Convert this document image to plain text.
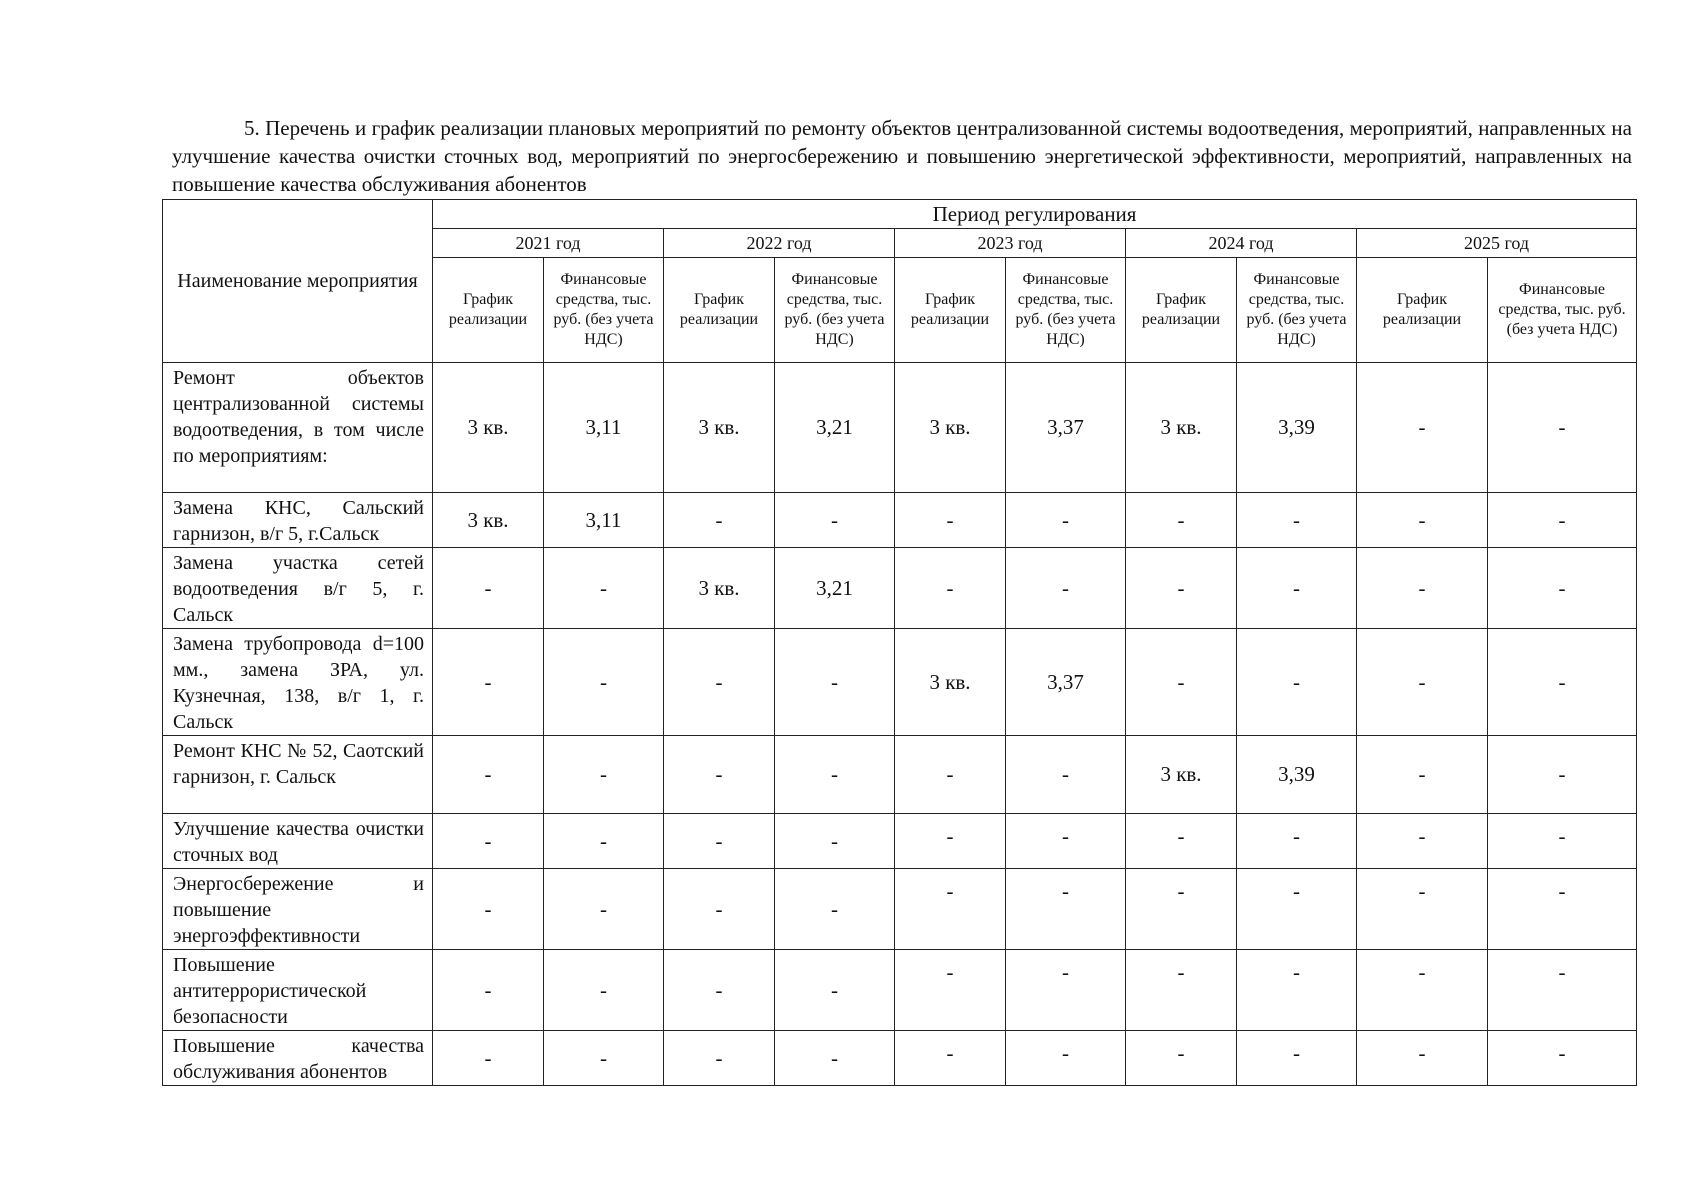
5. Перечень и график реализации плановых мероприятий по ремонту объектов централизованной системы водоотведения, мероприятий, направленных на улучшение качества очистки сточных вод, мероприятий по энергосбережению и повышению энергетической эффективности, мероприятий, направленных на повышение качества обслуживания абонентов
Наименование мероприятия	Период регулирования									
	2021 год		2022 год		2023 год		2024 год		2025 год	
	График реализации	Финансовые средства, тыс. руб. (без учета НДС)	График реализации	Финансовые средства, тыс. руб. (без учета НДС)	График реализации	Финансовые средства, тыс. руб. (без учета НДС)	График реализации	Финансовые средства, тыс. руб. (без учета НДС)	График реализации	Финансовые средства, тыс. руб. (без учета НДС)
Ремонт объектов централизованной системы водоотведения, в том числе по мероприятиям:	3 кв.	3,11	3 кв.	3,21	3 кв.	3,37	3 кв.	3,39	-	-
Замена КНС, Сальский гарнизон, в/г 5, г.Сальск	3 кв.	3,11	-	-	-	-	-	-	-	-
Замена участка сетей водоотведения в/г 5, г. Сальск	-	-	3 кв.	3,21	-	-	-	-	-	-
Замена трубопровода d=100 мм., замена ЗРА, ул. Кузнечная, 138, в/г 1, г. Сальск	-	-	-	-	3 кв.	3,37	-	-	-	-
Ремонт КНС № 52, Саотский гарнизон, г. Сальск	-	-	-	-	-	-	3 кв.	3,39	-	-
Улучшение качества очистки сточных вод	-	-	-	-	-	-	-	-	-	-
Энергосбережение и повышение энергоэффективности	-	-	-	-	-	-	-	-	-	-
Повышение антитеррористической безопасности	-	-	-	-	-	-	-	-	-	-
Повышение качества обслуживания абонентов	-	-	-	-	-	-	-	-	-	-
